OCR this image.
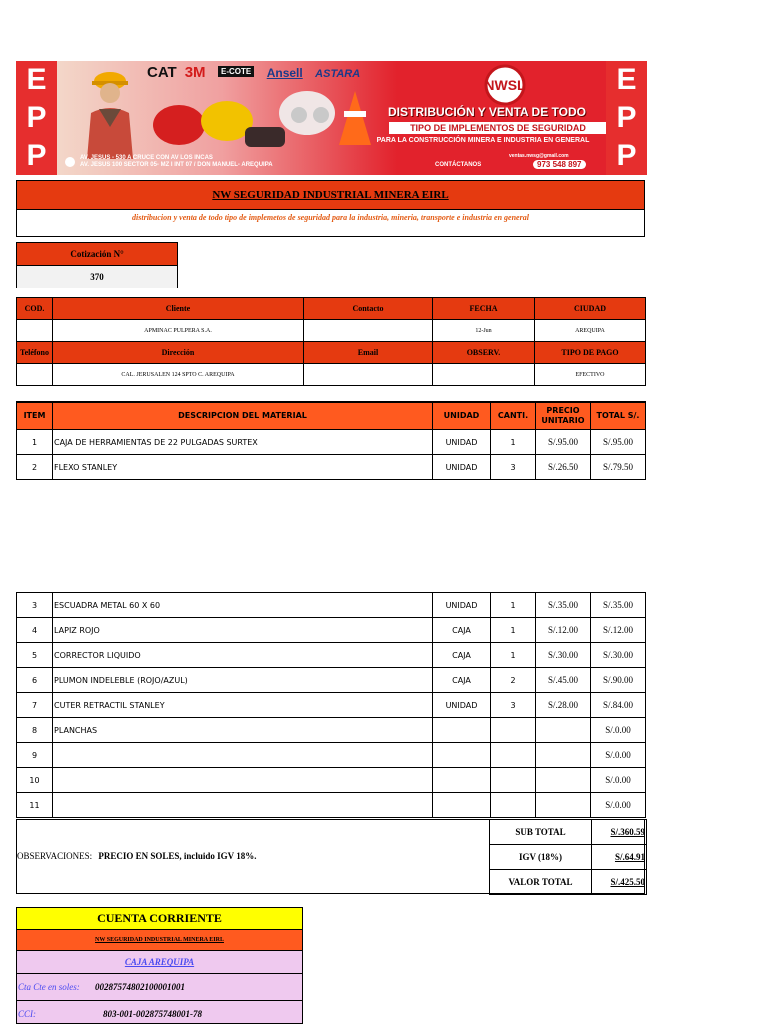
E
P
P
CAT 3M E-COTE Ansell ASTARA
NWSL
DISTRIBUCIÓN Y VENTA DE TODO
TIPO DE IMPLEMENTOS DE SEGURIDAD
PARA LA CONSTRUCCIÓN MINERA E INDUSTRIA EN GENERAL
AV. JESUS - 530 A CRUCE CON AV LOS INCAS
AV. JESUS 100 SECTOR 05- MZ I INT 07 / DON MANUEL- AREQUIPA
ventas.nwsg@gmail.com
CONTÁCTANOS	973 548 897
E
P
P
NW SEGURIDAD INDUSTRIAL MINERA EIRL
distribucion y venta de todo tipo de implemetos de seguridad para la industria, mineria, transporte e industria en general
Cotización N°
370
COD.	Cliente	Contacto	FECHA	CIUDAD
	APMINAC PULPERA S.A.		12-Jun	AREQUIPA
Teléfono	Dirección	Email	OBSERV.	TIPO DE PAGO
	CAL. JERUSALEN 124 SPTO C. AREQUIPA			EFECTIVO
ITEM	DESCRIPCION DEL MATERIAL	UNIDAD	CANTI.	PRECIO UNITARIO	TOTAL S/.
1	CAJA DE HERRAMIENTAS DE 22 PULGADAS SURTEX	UNIDAD	1	S/.95.00	S/.95.00
2	FLEXO STANLEY	UNIDAD	3	S/.26.50	S/.79.50
3	ESCUADRA METAL 60 X 60	UNIDAD	1	S/.35.00	S/.35.00
4	LAPIZ ROJO	CAJA	1	S/.12.00	S/.12.00
5	CORRECTOR LIQUIDO	CAJA	1	S/.30.00	S/.30.00
6	PLUMON INDELEBLE (ROJO/AZUL)	CAJA	2	S/.45.00	S/.90.00
7	CUTER RETRACTIL STANLEY	UNIDAD	3	S/.28.00	S/.84.00
8	PLANCHAS				S/.0.00
9					S/.0.00
10					S/.0.00
11					S/.0.00
OBSERVACIONES: PRECIO EN SOLES, incluido IGV 18%.
SUB TOTAL	S/.360.59
IGV (18%)	S/.64.91
VALOR TOTAL	S/.425.50
CUENTA CORRIENTE
NW SEGURIDAD INDUSTRIAL MINERA EIRL
CAJA AREQUIPA
Cta Cte en soles: 00287574802100001001
CCI:	803-001-002875748001-78
